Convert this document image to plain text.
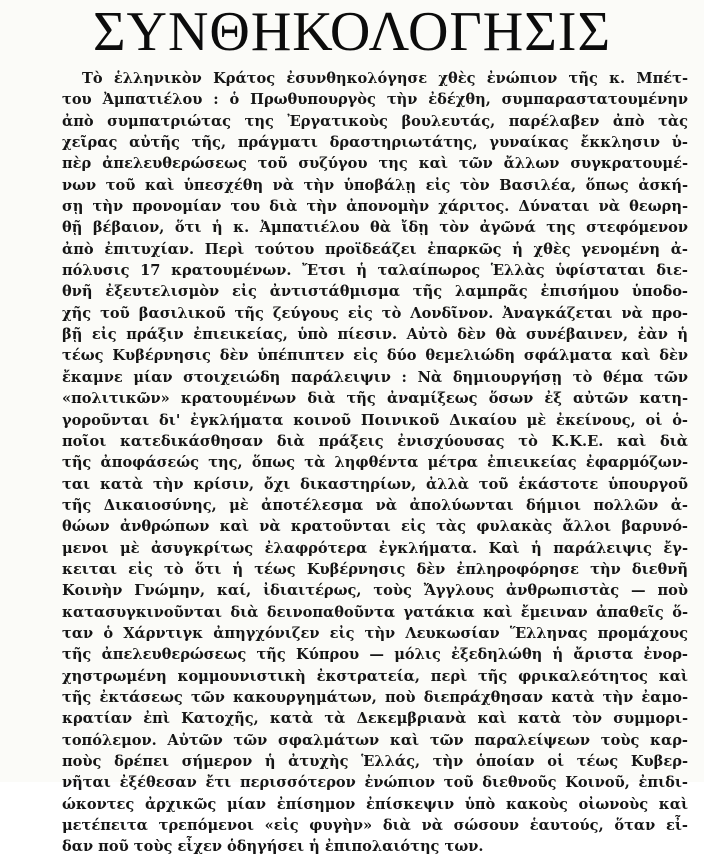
ΣΥΝΘΗΚΟΛΟΓΗΣΙΣ
Τὸ ἑλληνικὸν Κράτος ἐσυνθηκολόγησε χθὲς ἐνώπιον τῆς κ. Μπέτ-
του Ἀμπατιέλου : ὁ Πρωθυπουργὸς τὴν ἐδέχθη, συμπαραστατουμένην
ἀπὸ συμπατριώτας της Ἐργατικοὺς βουλευτάς, παρέλαβεν ἀπὸ τὰς
χεῖρας αὐτῆς τῆς, πράγματι δραστηριωτάτης, γυναίκας ἔκκλησιν ὑ-
πὲρ ἀπελευθερώσεως τοῦ συζύγου της καὶ τῶν ἄλλων συγκρατουμέ-
νων τοῦ καὶ ὑπεσχέθη νὰ τὴν ὑποβάλῃ εἰς τὸν Βασιλέα, ὅπως ἀσκή-
σῃ τὴν προνομίαν του διὰ τὴν ἀπονομὴν χάριτος. Δύναται νὰ θεωρη-
θῇ βέβαιον, ὅτι ἡ κ. Ἀμπατιέλου θὰ ἴδῃ τὸν ἀγῶνά της στεφόμενον
ἀπὸ ἐπιτυχίαν. Περὶ τούτου προϊδεάζει ἐπαρκῶς ἡ χθὲς γενομένη ἀ-
πόλυσις 17 κρατουμένων. Ἔτσι ἡ ταλαίπωρος Ἑλλὰς ὑφίσταται διε-
θνῆ ἐξευτελισμὸν εἰς ἀντιστάθμισμα τῆς λαμπρᾶς ἐπισήμου ὑποδο-
χῆς τοῦ βασιλικοῦ τῆς ζεύγους εἰς τὸ Λονδῖνον. Ἀναγκάζεται νὰ προ-
βῇ εἰς πράξιν ἐπιεικείας, ὑπὸ πίεσιν. Αὐτὸ δὲν θὰ συνέβαινεν, ἐὰν ἡ
τέως Κυβέρνησις δὲν ὑπέπιπτεν εἰς δύο θεμελιώδη σφάλματα καὶ δὲν
ἔκαμνε μίαν στοιχειώδη παράλειψιν : Νὰ δημιουργήσῃ τὸ θέμα τῶν
«πολιτικῶν» κρατουμένων διὰ τῆς ἀναμίξεως ὅσων ἐξ αὐτῶν κατη-
γοροῦνται δι' ἐγκλήματα κοινοῦ Ποινικοῦ Δικαίου μὲ ἐκείνους, οἱ ὁ-
ποῖοι κατεδικάσθησαν διὰ πράξεις ἐνισχύουσας τὸ Κ.Κ.Ε. καὶ διὰ
τῆς ἀποφάσεώς της, ὅπως τὰ ληφθέντα μέτρα ἐπιεικείας ἐφαρμόζων-
ται κατὰ τὴν κρίσιν, ὄχι δικαστηρίων, ἀλλὰ τοῦ ἑκάστοτε ὑπουργοῦ
τῆς Δικαιοσύνης, μὲ ἀποτέλεσμα νὰ ἀπολύωνται δήμιοι πολλῶν ἀ-
θώων ἀνθρώπων καὶ νὰ κρατοῦνται εἰς τὰς φυλακὰς ἄλλοι βαρυνό-
μενοι μὲ ἀσυγκρίτως ἐλαφρότερα ἐγκλήματα. Καὶ ἡ παράλειψις ἔγ-
κειται εἰς τὸ ὅτι ἡ τέως Κυβέρνησις δὲν ἐπληροφόρησε τὴν διεθνῆ
Κοινὴν Γνώμην, καί, ἰδιαιτέρως, τοὺς Ἄγγλους ἀνθρωπιστὰς — ποὺ
κατασυγκινοῦνται διὰ δεινοπαθοῦντα γατάκια καὶ ἔμειναν ἀπαθεῖς ὅ-
ταν ὁ Χάρντιγκ ἀπηγχόνιζεν εἰς τὴν Λευκωσίαν Ἕλληνας προμάχους
τῆς ἀπελευθερώσεως τῆς Κύπρου — μόλις ἐξεδηλώθη ἡ ἄριστα ἐνορ-
χηστρωμένη κομμουνιστικὴ ἐκστρατεία, περὶ τῆς φρικαλεότητος καὶ
τῆς ἐκτάσεως τῶν κακουργημάτων, ποὺ διεπράχθησαν κατὰ τὴν ἐαμο-
κρατίαν ἐπὶ Κατοχῆς, κατὰ τὰ Δεκεμβριανὰ καὶ κατὰ τὸν συμμορι-
τοπόλεμον. Αὐτῶν τῶν σφαλμάτων καὶ τῶν παραλείψεων τοὺς καρ-
ποὺς δρέπει σήμερον ἡ ἀτυχὴς Ἑλλάς, τὴν ὁποίαν οἱ τέως Κυβερ-
νῆται ἐξέθεσαν ἔτι περισσότερον ἐνώπιον τοῦ διεθνοῦς Κοινοῦ, ἐπιδι-
ώκοντες ἀρχικῶς μίαν ἐπίσημον ἐπίσκεψιν ὑπὸ κακοὺς οἰωνοὺς καὶ
μετέπειτα τρεπόμενοι «εἰς φυγὴν» διὰ νὰ σώσουν ἑαυτούς, ὅταν εἶ-
δαν ποῦ τοὺς εἶχεν ὁδηγήσει ἡ ἐπιπολαιότης των.
